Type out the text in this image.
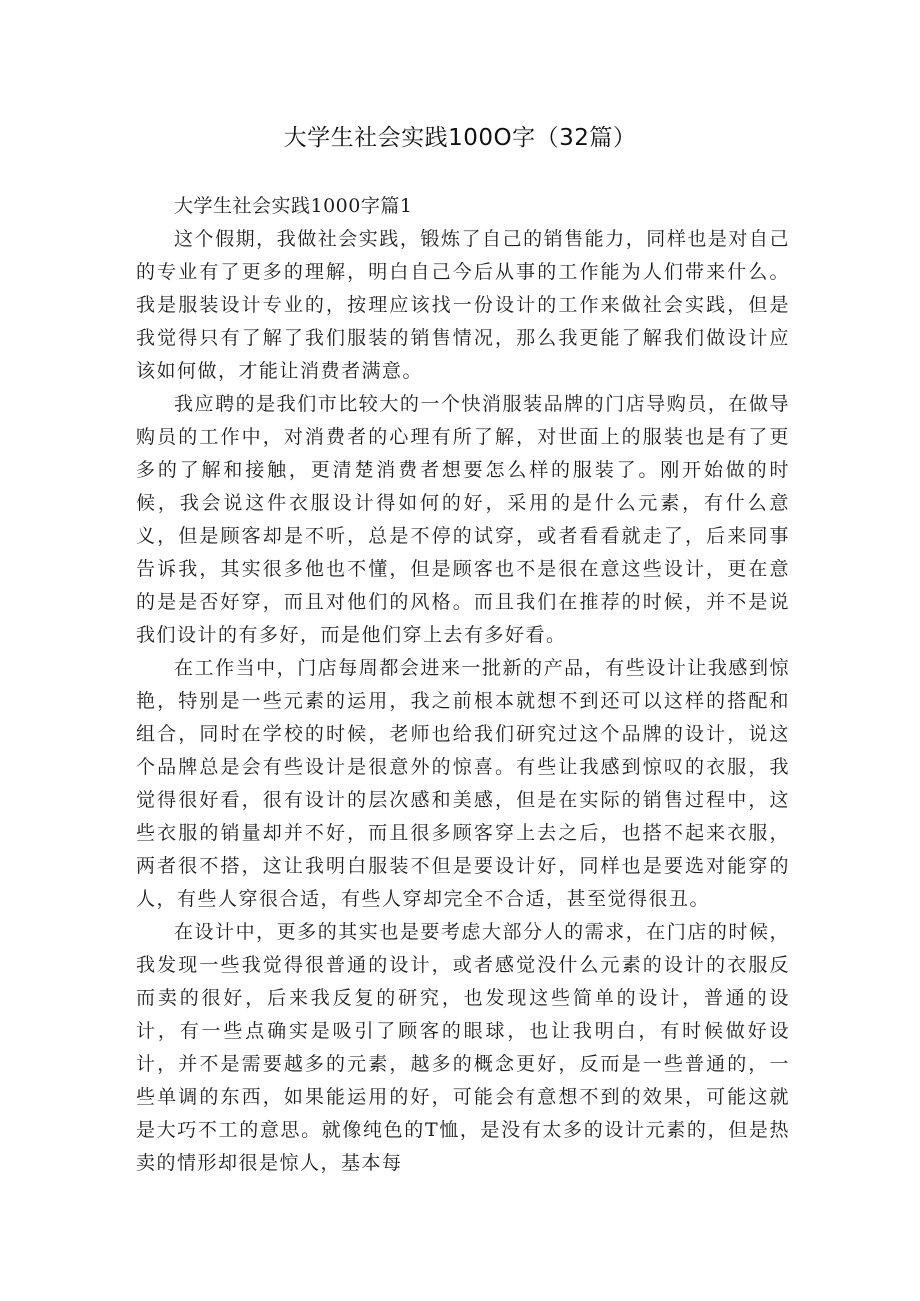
大学生社会实践100O字（32篇）

大学生社会实践1000字篇1

这个假期，我做社会实践，锻炼了自己的销售能力，同样也是对自己的专业有了更多的理解，明白自己今后从事的工作能为人们带来什么。我是服装设计专业的，按理应该找一份设计的工作来做社会实践，但是我觉得只有了解了我们服装的销售情况，那么我更能了解我们做设计应该如何做，才能让消费者满意。

我应聘的是我们市比较大的一个快消服装品牌的门店导购员，在做导购员的工作中，对消费者的心理有所了解，对世面上的服装也是有了更多的了解和接触，更清楚消费者想要怎么样的服装了。刚开始做的时候，我会说这件衣服设计得如何的好，采用的是什么元素，有什么意义，但是顾客却是不听，总是不停的试穿，或者看看就走了，后来同事告诉我，其实很多他也不懂，但是顾客也不是很在意这些设计，更在意的是是否好穿，而且对他们的风格。而且我们在推荐的时候，并不是说我们设计的有多好，而是他们穿上去有多好看。

在工作当中，门店每周都会进来一批新的产品，有些设计让我感到惊艳，特别是一些元素的运用，我之前根本就想不到还可以这样的搭配和组合，同时在学校的时候，老师也给我们研究过这个品牌的设计，说这个品牌总是会有些设计是很意外的惊喜。有些让我感到惊叹的衣服，我觉得很好看，很有设计的层次感和美感，但是在实际的销售过程中，这些衣服的销量却并不好，而且很多顾客穿上去之后，也搭不起来衣服，两者很不搭，这让我明白服装不但是要设计好，同样也是要选对能穿的人，有些人穿很合适，有些人穿却完全不合适，甚至觉得很丑。

在设计中，更多的其实也是要考虑大部分人的需求，在门店的时候，我发现一些我觉得很普通的设计，或者感觉没什么元素的设计的衣服反而卖的很好，后来我反复的研究，也发现这些简单的设计，普通的设计，有一些点确实是吸引了顾客的眼球，也让我明白，有时候做好设计，并不是需要越多的元素，越多的概念更好，反而是一些普通的，一些单调的东西，如果能运用的好，可能会有意想不到的效果，可能这就是大巧不工的意思。就像纯色的T恤，是没有太多的设计元素的，但是热卖的情形却很是惊人，基本每
